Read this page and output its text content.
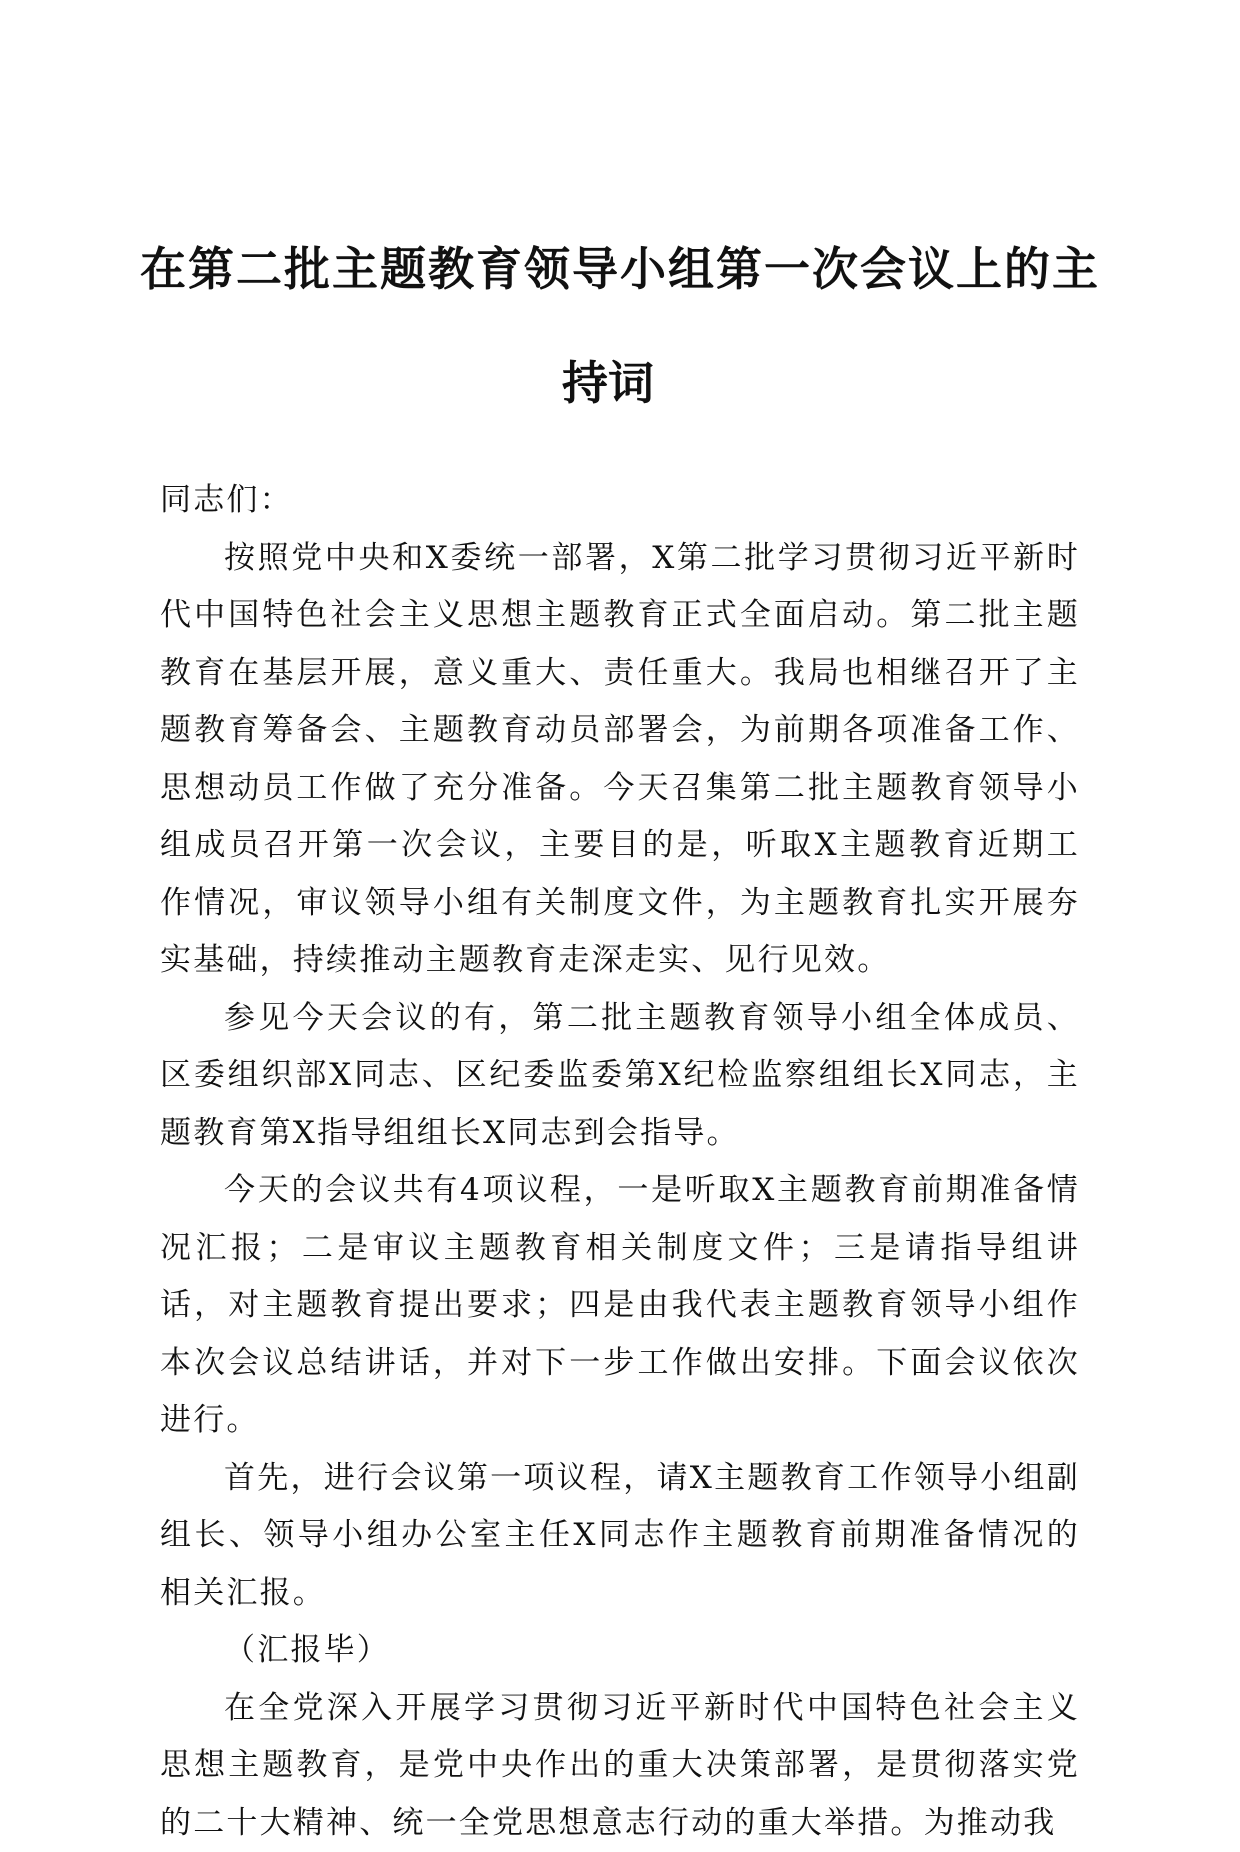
在第二批主题教育领导小组第一次会议上的主
持词

同志们：

按照党中央和X委统一部署，X第二批学习贯彻习近平新时代中国特色社会主义思想主题教育正式全面启动。第二批主题教育在基层开展，意义重大、责任重大。我局也相继召开了主题教育筹备会、主题教育动员部署会，为前期各项准备工作、思想动员工作做了充分准备。今天召集第二批主题教育领导小组成员召开第一次会议，主要目的是，听取X主题教育近期工作情况，审议领导小组有关制度文件，为主题教育扎实开展夯实基础，持续推动主题教育走深走实、见行见效。

参见今天会议的有，第二批主题教育领导小组全体成员、区委组织部X同志、区纪委监委第X纪检监察组组长X同志，主题教育第X指导组组长X同志到会指导。

今天的会议共有4项议程，一是听取X主题教育前期准备情况汇报；二是审议主题教育相关制度文件；三是请指导组讲话，对主题教育提出要求；四是由我代表主题教育领导小组作本次会议总结讲话，并对下一步工作做出安排。下面会议依次进行。

首先，进行会议第一项议程，请X主题教育工作领导小组副组长、领导小组办公室主任X同志作主题教育前期准备情况的相关汇报。

（汇报毕）

在全党深入开展学习贯彻习近平新时代中国特色社会主义思想主题教育，是党中央作出的重大决策部署，是贯彻落实党的二十大精神、统一全党思想意志行动的重大举措。为推动我
